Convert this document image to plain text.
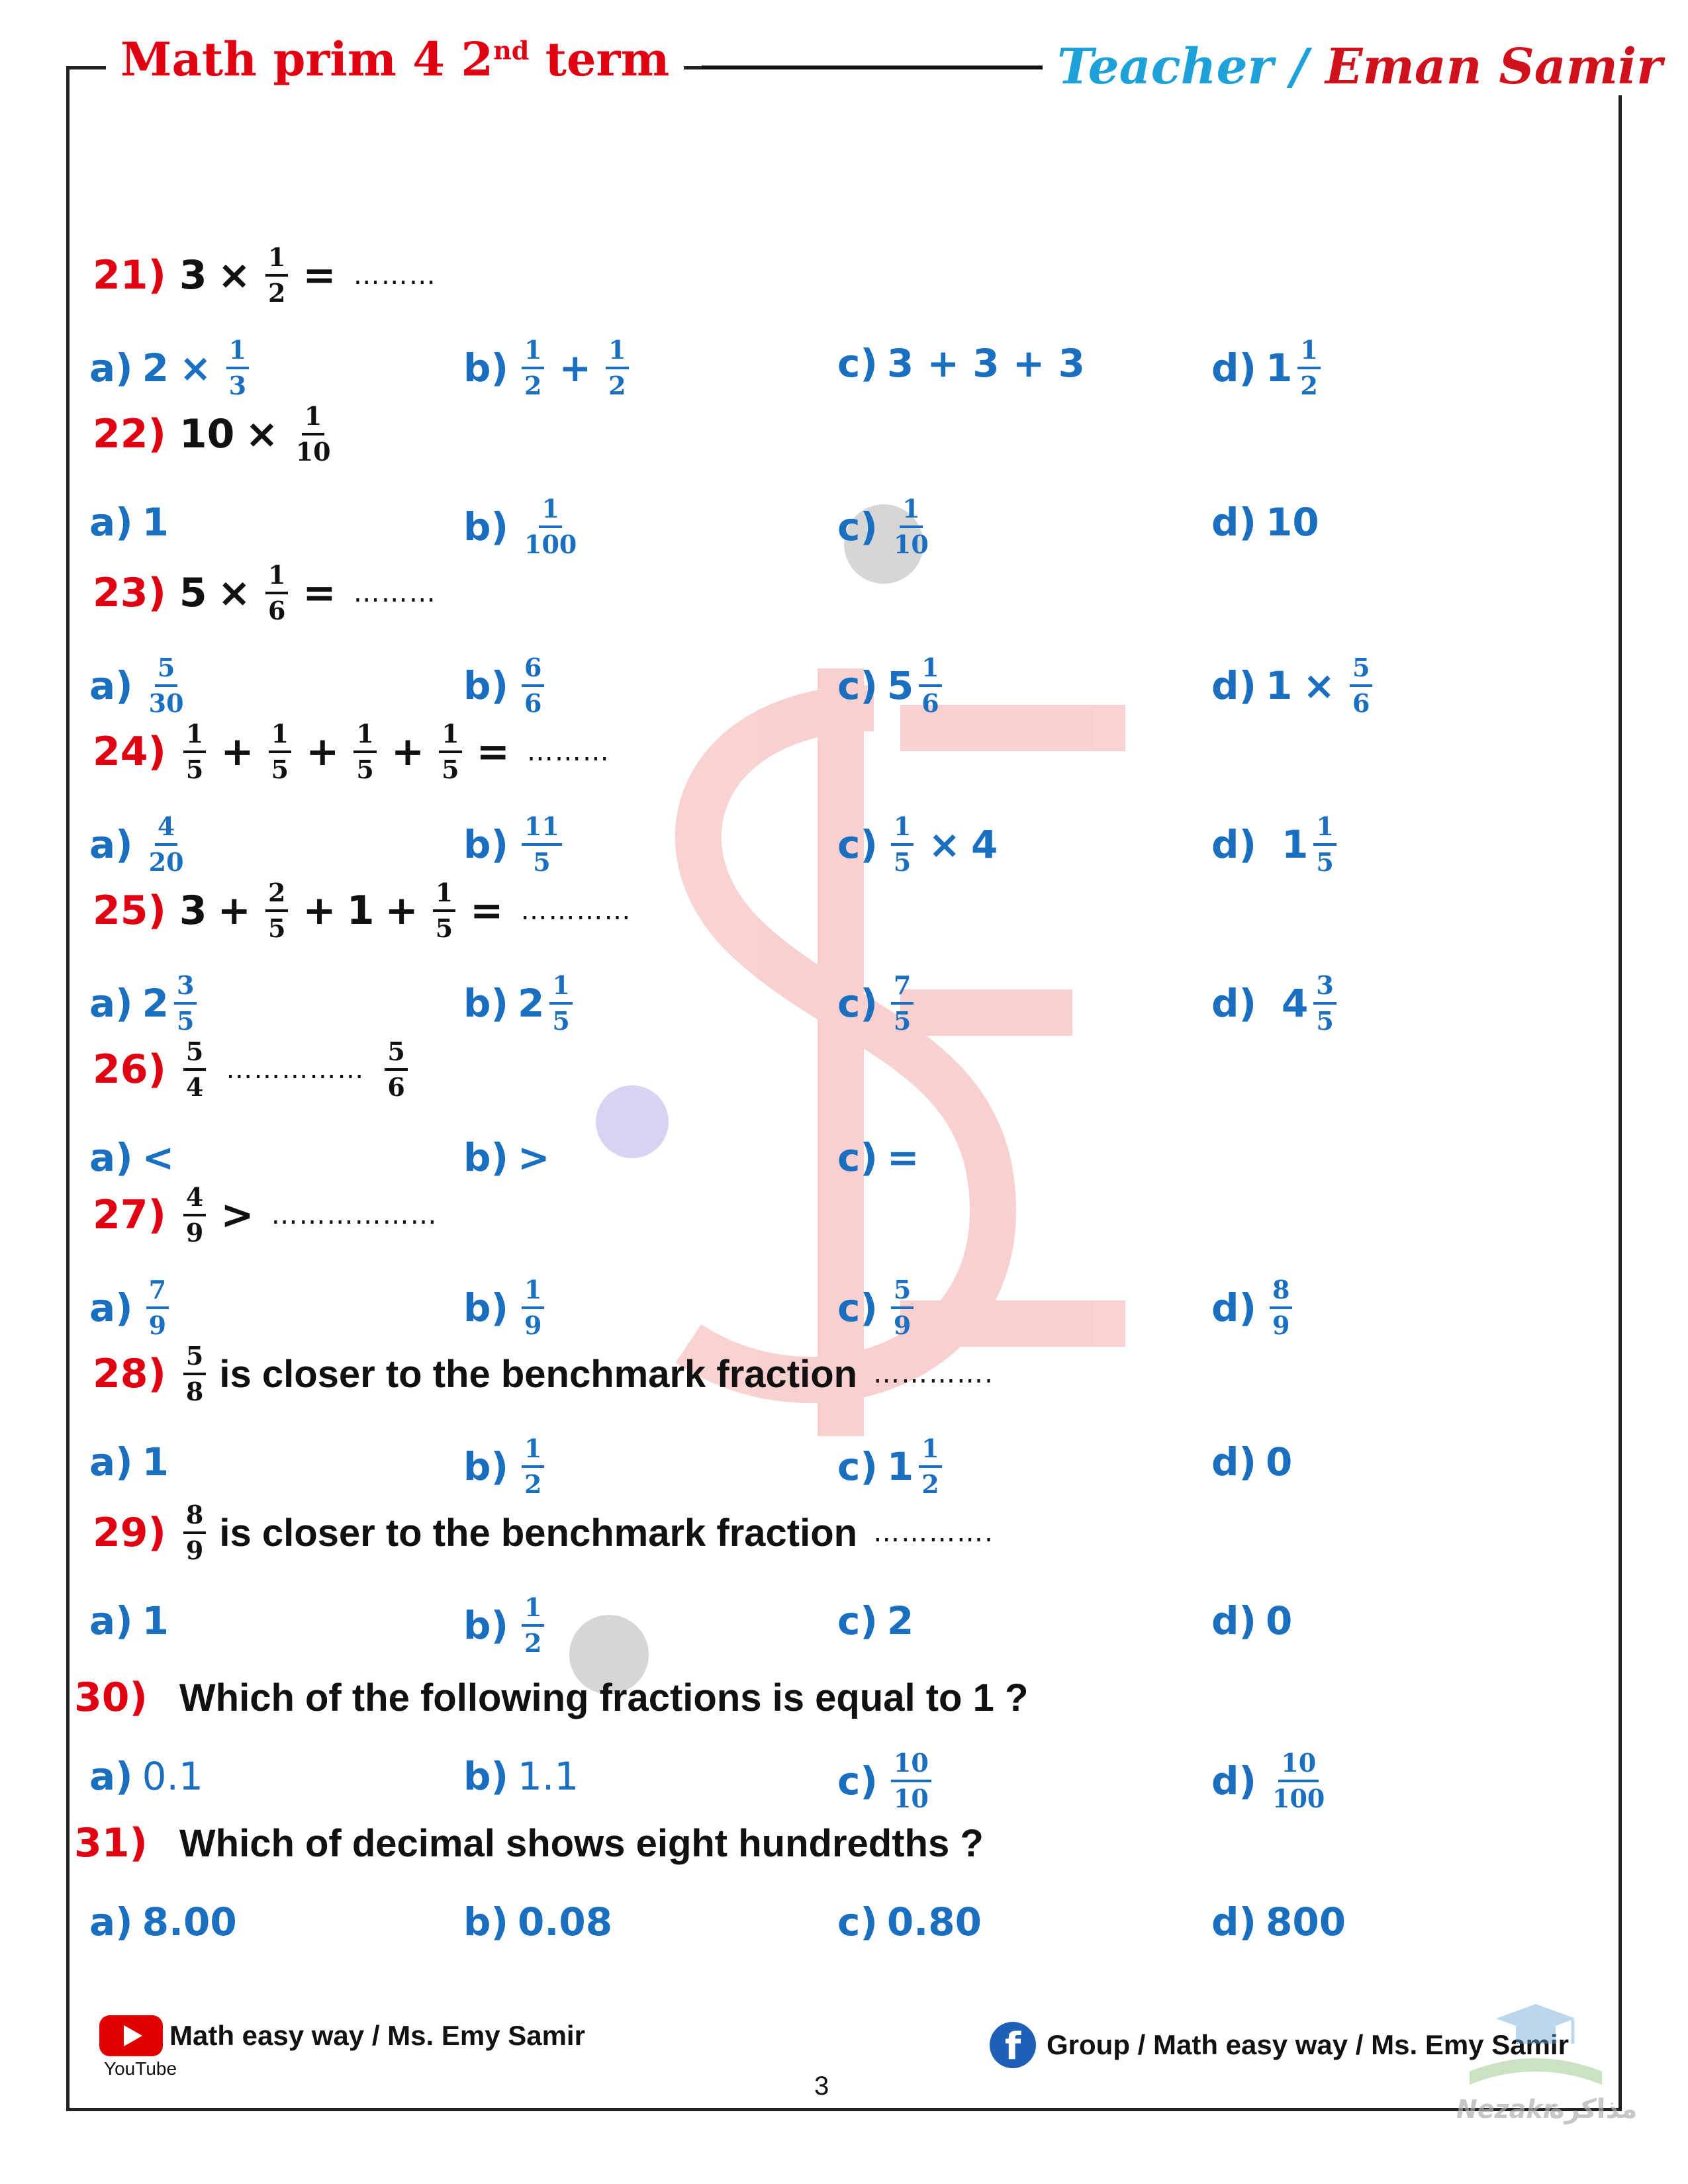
Math prim 4 2nd term	Teacher / Eman Samir
21) $3 \times \frac{1}{2}$ = ………
a) $2 \times \frac{1}{3}$	$b) \frac{1}{2} + \frac{1}{2}$	c) 3 + 3 + 3	d) $1 \frac{1}{2}$
22) $10 \times \frac{1}{10}$
a) 1	$b) \frac{1}{100}$	$c) \frac{1}{10}$	d) 10
23) $5 \times \frac{1}{6}$ = ………
$a) \frac{5}{30}$	$b) \frac{6}{6}$	c) $5 \frac{1}{6}$	d) $1 \times \frac{5}{6}$
$24) \frac{1}{5} + \frac{1}{5} + \frac{1}{5} + \frac{1}{5}$ = ………
$a) \frac{4}{20}$	$b) \frac{11}{5}$	$c) \frac{1}{5} \times 4$	d) $1 \frac{1}{5}$
25) $3 + \frac{2}{5} + 1 + \frac{1}{5}$ = …………
a) $2 \frac{3}{5}$	b) $2 \frac{1}{5}$	$c) \frac{7}{5}$	d) $4 \frac{3}{5}$
$26) \frac{5}{4}$ …………… $\frac{5}{6}$
a) <	b) >	c) =
$27) \frac{4}{9}$ > ………………
$a) \frac{7}{9}$	$b) \frac{1}{9}$	$c) \frac{5}{9}$	$d) \frac{8}{9}$
$28) \frac{5}{8}$ is closer to the benchmark fraction ………….
a) 1	$b) \frac{1}{2}$	c) $1 \frac{1}{2}$	d) 0
$29) \frac{8}{9}$ is closer to the benchmark fraction ………….
a) 1	$b) \frac{1}{2}$	c) 2	d) 0
30) Which of the following fractions is equal to 1 ?
a) 0.1	b) 1.1	$c) \frac{10}{10}$	$d) \frac{10}{100}$
31) Which of decimal shows eight hundredths ?
a) 8.00	b) 0.08	c) 0.80	d) 800
Math easy way / Ms. Emy Samir
YouTube
f Group / Math easy way / Ms. Emy Samir
3
Nezakr
مذاكرة
